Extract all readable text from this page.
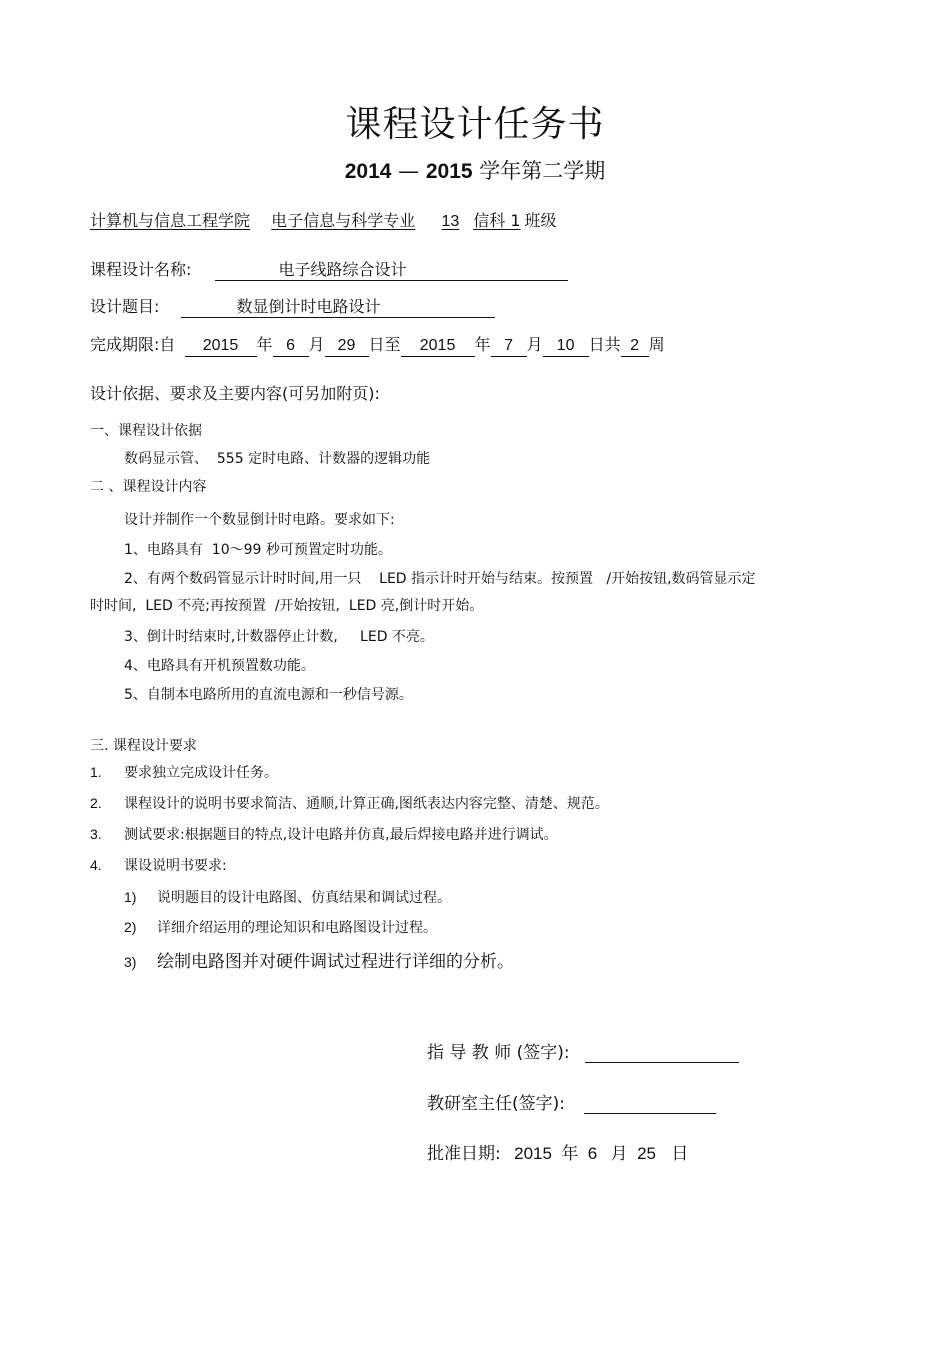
课程设计任务书
2014 — 2015 学年第二学期
计算机与信息工程学院 电子信息与科学专业 13 信科 1 班级
课程设计名称:	电子线路综合设计
设计题目:	数显倒计时电路设计
完成期限:自 2015 年 6 月 29 日至 2015 年 7 月 10 日共 2 周
设计依据、要求及主要内容(可另加附页):
一、课程设计依据
数码显示管、  555 定时电路、计数器的逻辑功能
二 、课程设计内容
设计并制作一个数显倒计时电路。要求如下:
1、电路具有  10～99 秒可预置定时功能。
2、有两个数码管显示计时时间,用一只    LED 指示计时开始与结束。按预置   /开始按钮,数码管显示定
时时间,  LED 不亮;再按预置  /开始按钮,  LED 亮,倒计时开始。
3、倒计时结束时,计数器停止计数,     LED 不亮。
4、电路具有开机预置数功能。
5、自制本电路所用的直流电源和一秒信号源。
三. 课程设计要求
1. 要求独立完成设计任务。
2. 课程设计的说明书要求简洁、通顺,计算正确,图纸表达内容完整、清楚、规范。
3. 测试要求:根据题目的特点,设计电路并仿真,最后焊接电路并进行调试。
4. 课设说明书要求:
1) 说明题目的设计电路图、仿真结果和调试过程。
2) 详细介绍运用的理论知识和电路图设计过程。
3) 绘制电路图并对硬件调试过程进行详细的分析。
指 导 教 师 (签字):
教研室主任(签字):
批准日期: 2015 年 6 月 25 日
